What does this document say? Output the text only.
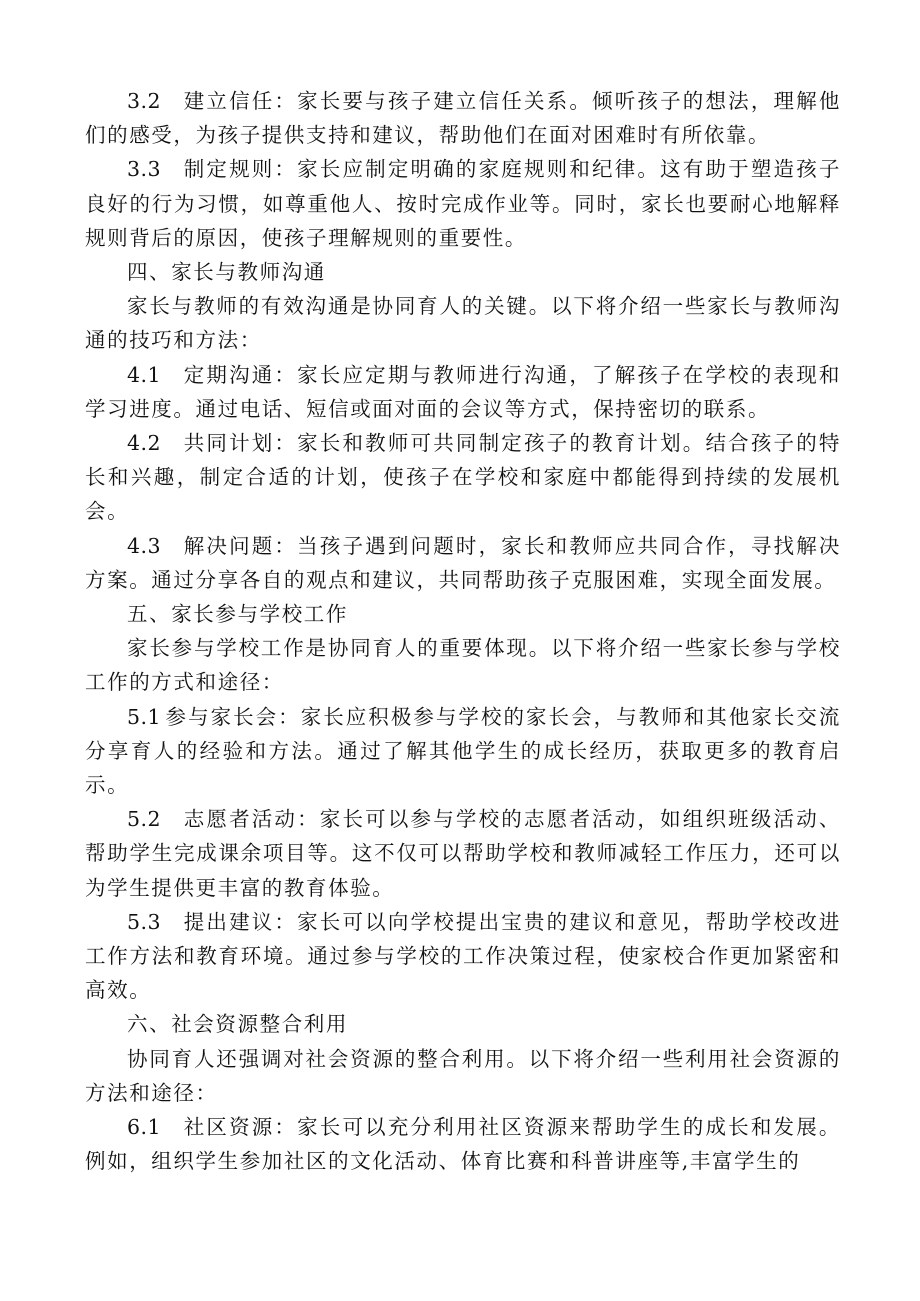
3.2 建立信任：家长要与孩子建立信任关系。倾听孩子的想法，理解他们的感受，为孩子提供支持和建议，帮助他们在面对困难时有所依靠。

3.3 制定规则：家长应制定明确的家庭规则和纪律。这有助于塑造孩子良好的行为习惯，如尊重他人、按时完成作业等。同时，家长也要耐心地解释规则背后的原因，使孩子理解规则的重要性。

四、家长与教师沟通

家长与教师的有效沟通是协同育人的关键。以下将介绍一些家长与教师沟通的技巧和方法：

4.1 定期沟通：家长应定期与教师进行沟通，了解孩子在学校的表现和学习进度。通过电话、短信或面对面的会议等方式，保持密切的联系。

4.2 共同计划：家长和教师可共同制定孩子的教育计划。结合孩子的特长和兴趣，制定合适的计划，使孩子在学校和家庭中都能得到持续的发展机会。

4.3 解决问题：当孩子遇到问题时，家长和教师应共同合作，寻找解决方案。通过分享各自的观点和建议，共同帮助孩子克服困难，实现全面发展。

五、家长参与学校工作

家长参与学校工作是协同育人的重要体现。以下将介绍一些家长参与学校工作的方式和途径：

5.1 参与家长会：家长应积极参与学校的家长会，与教师和其他家长交流分享育人的经验和方法。通过了解其他学生的成长经历，获取更多的教育启示。

5.2 志愿者活动：家长可以参与学校的志愿者活动，如组织班级活动、帮助学生完成课余项目等。这不仅可以帮助学校和教师减轻工作压力，还可以为学生提供更丰富的教育体验。

5.3 提出建议：家长可以向学校提出宝贵的建议和意见，帮助学校改进工作方法和教育环境。通过参与学校的工作决策过程，使家校合作更加紧密和高效。

六、社会资源整合利用

协同育人还强调对社会资源的整合利用。以下将介绍一些利用社会资源的方法和途径：

6.1 社区资源：家长可以充分利用社区资源来帮助学生的成长和发展。例如，组织学生参加社区的文化活动、体育比赛和科普讲座等,丰富学生的
